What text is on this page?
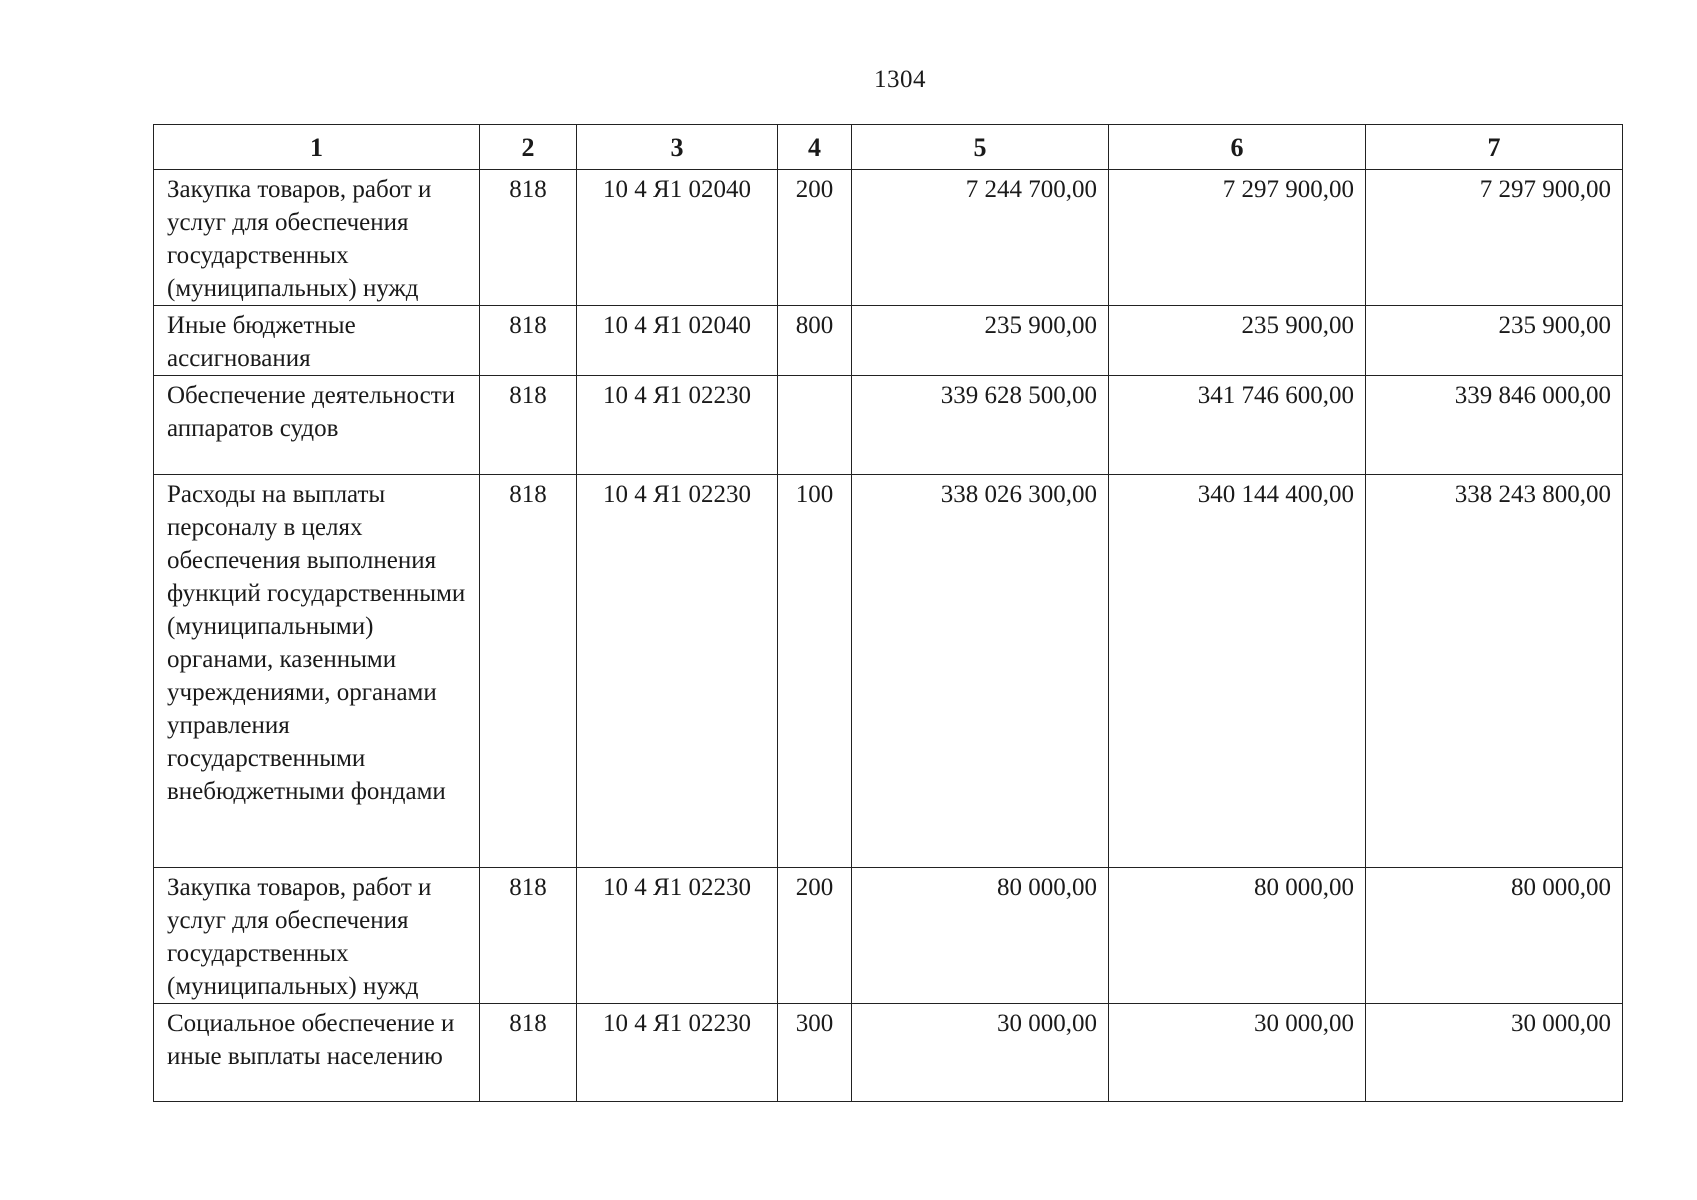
1304
1	2	3	4	5	6	7
Закупка товаров, работ и услуг для обеспечения государственных (муниципальных) нужд	818	10 4 Я1 02040	200	7 244 700,00	7 297 900,00	7 297 900,00
Иные бюджетные ассигнования	818	10 4 Я1 02040	800	235 900,00	235 900,00	235 900,00
Обеспечение деятельности аппаратов судов	818	10 4 Я1 02230		339 628 500,00	341 746 600,00	339 846 000,00
Расходы на выплаты персоналу в целях обеспечения выполнения функций государственными (муниципальными) органами, казенными учреждениями, органами управления государственными внебюджетными фондами	818	10 4 Я1 02230	100	338 026 300,00	340 144 400,00	338 243 800,00
Закупка товаров, работ и услуг для обеспечения государственных (муниципальных) нужд	818	10 4 Я1 02230	200	80 000,00	80 000,00	80 000,00
Социальное обеспечение и иные выплаты населению	818	10 4 Я1 02230	300	30 000,00	30 000,00	30 000,00
